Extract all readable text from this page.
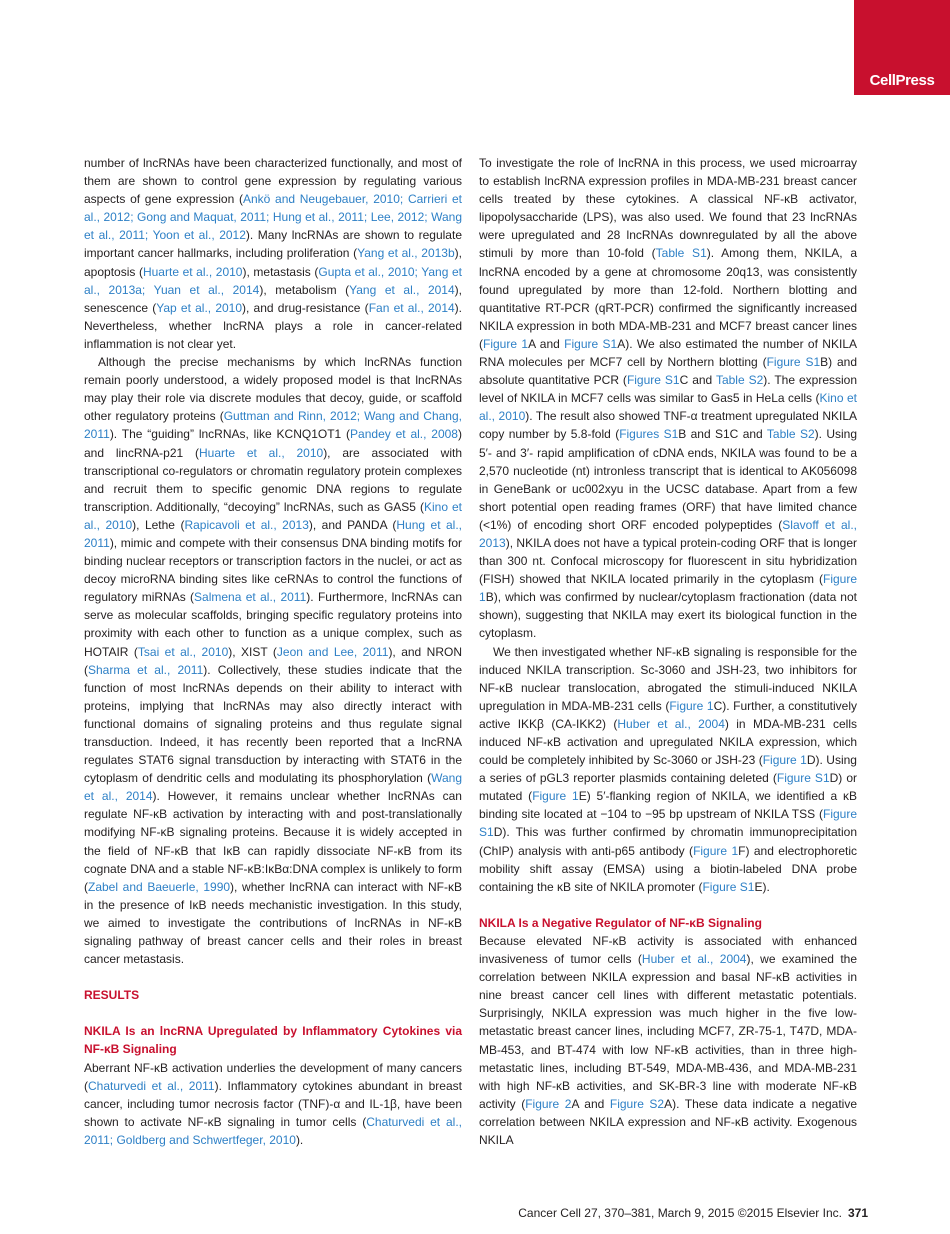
CellPress

number of lncRNAs have been characterized functionally, and most of them are shown to control gene expression by regulating various aspects of gene expression (Ankö and Neugebauer, 2010; Carrieri et al., 2012; Gong and Maquat, 2011; Hung et al., 2011; Lee, 2012; Wang et al., 2011; Yoon et al., 2012). Many lncRNAs are shown to regulate important cancer hallmarks, including proliferation (Yang et al., 2013b), apoptosis (Huarte et al., 2010), metastasis (Gupta et al., 2010; Yang et al., 2013a; Yuan et al., 2014), metabolism (Yang et al., 2014), senescence (Yap et al., 2010), and drug-resistance (Fan et al., 2014). Nevertheless, whether lncRNA plays a role in cancer-related inflammation is not clear yet.

Although the precise mechanisms by which lncRNAs function remain poorly understood, a widely proposed model is that lncRNAs may play their role via discrete modules that decoy, guide, or scaffold other regulatory proteins (Guttman and Rinn, 2012; Wang and Chang, 2011). The “guiding” lncRNAs, like KCNQ1OT1 (Pandey et al., 2008) and lincRNA-p21 (Huarte et al., 2010), are associated with transcriptional co-regulators or chromatin regulatory protein complexes and recruit them to specific genomic DNA regions to regulate transcription. Additionally, “decoying” lncRNAs, such as GAS5 (Kino et al., 2010), Lethe (Rapicavoli et al., 2013), and PANDA (Hung et al., 2011), mimic and compete with their consensus DNA binding motifs for binding nuclear receptors or transcription factors in the nuclei, or act as decoy microRNA binding sites like ceRNAs to control the functions of regulatory miRNAs (Salmena et al., 2011). Furthermore, lncRNAs can serve as molecular scaffolds, bringing specific regulatory proteins into proximity with each other to function as a unique complex, such as HOTAIR (Tsai et al., 2010), XIST (Jeon and Lee, 2011), and NRON (Sharma et al., 2011). Collectively, these studies indicate that the function of most lncRNAs depends on their ability to interact with proteins, implying that lncRNAs may also directly interact with functional domains of signaling proteins and thus regulate signal transduction. Indeed, it has recently been reported that a lncRNA regulates STAT6 signal transduction by interacting with STAT6 in the cytoplasm of dendritic cells and modulating its phosphorylation (Wang et al., 2014). However, it remains unclear whether lncRNAs can regulate NF-κB activation by interacting with and post-translationally modifying NF-κB signaling proteins. Because it is widely accepted in the field of NF-κB that IκB can rapidly dissociate NF-κB from its cognate DNA and a stable NF-κB:IκBα:DNA complex is unlikely to form (Zabel and Baeuerle, 1990), whether lncRNA can interact with NF-κB in the presence of IκB needs mechanistic investigation. In this study, we aimed to investigate the contributions of lncRNAs in NF-κB signaling pathway of breast cancer cells and their roles in breast cancer metastasis.

RESULTS
NKILA Is an lncRNA Upregulated by Inflammatory Cytokines via NF-κB Signaling

Aberrant NF-κB activation underlies the development of many cancers (Chaturvedi et al., 2011). Inflammatory cytokines abundant in breast cancer, including tumor necrosis factor (TNF)-α and IL-1β, have been shown to activate NF-κB signaling in tumor cells (Chaturvedi et al., 2011; Goldberg and Schwertfeger, 2010).

To investigate the role of lncRNA in this process, we used microarray to establish lncRNA expression profiles in MDA-MB-231 breast cancer cells treated by these cytokines. A classical NF-κB activator, lipopolysaccharide (LPS), was also used. We found that 23 lncRNAs were upregulated and 28 lncRNAs downregulated by all the above stimuli by more than 10-fold (Table S1). Among them, NKILA, a lncRNA encoded by a gene at chromosome 20q13, was consistently found upregulated by more than 12-fold. Northern blotting and quantitative RT-PCR (qRT-PCR) confirmed the significantly increased NKILA expression in both MDA-MB-231 and MCF7 breast cancer lines (Figure 1A and Figure S1A). We also estimated the number of NKILA RNA molecules per MCF7 cell by Northern blotting (Figure S1B) and absolute quantitative PCR (Figure S1C and Table S2). The expression level of NKILA in MCF7 cells was similar to Gas5 in HeLa cells (Kino et al., 2010). The result also showed TNF-α treatment upregulated NKILA copy number by 5.8-fold (Figures S1B and S1C and Table S2). Using 5′- and 3′- rapid amplification of cDNA ends, NKILA was found to be a 2,570 nucleotide (nt) intronless transcript that is identical to AK056098 in GeneBank or uc002xyu in the UCSC database. Apart from a few short potential open reading frames (ORF) that have limited chance (<1%) of encoding short ORF encoded polypeptides (Slavoff et al., 2013), NKILA does not have a typical protein-coding ORF that is longer than 300 nt. Confocal microscopy for fluorescent in situ hybridization (FISH) showed that NKILA located primarily in the cytoplasm (Figure 1B), which was confirmed by nuclear/cytoplasm fractionation (data not shown), suggesting that NKILA may exert its biological function in the cytoplasm.

We then investigated whether NF-κB signaling is responsible for the induced NKILA transcription. Sc-3060 and JSH-23, two inhibitors for NF-κB nuclear translocation, abrogated the stimuli-induced NKILA upregulation in MDA-MB-231 cells (Figure 1C). Further, a constitutively active IKKβ (CA-IKK2) (Huber et al., 2004) in MDA-MB-231 cells induced NF-κB activation and upregulated NKILA expression, which could be completely inhibited by Sc-3060 or JSH-23 (Figure 1D). Using a series of pGL3 reporter plasmids containing deleted (Figure S1D) or mutated (Figure 1E) 5′-flanking region of NKILA, we identified a κB binding site located at −104 to −95 bp upstream of NKILA TSS (Figure S1D). This was further confirmed by chromatin immunoprecipitation (ChIP) analysis with anti-p65 antibody (Figure 1F) and electrophoretic mobility shift assay (EMSA) using a biotin-labeled DNA probe containing the κB site of NKILA promoter (Figure S1E).

NKILA Is a Negative Regulator of NF-κB Signaling

Because elevated NF-κB activity is associated with enhanced invasiveness of tumor cells (Huber et al., 2004), we examined the correlation between NKILA expression and basal NF-κB activities in nine breast cancer cell lines with different metastatic potentials. Surprisingly, NKILA expression was much higher in the five low-metastatic breast cancer lines, including MCF7, ZR-75-1, T47D, MDA-MB-453, and BT-474 with low NF-κB activities, than in three high-metastatic lines, including BT-549, MDA-MB-436, and MDA-MB-231 with high NF-κB activities, and SK-BR-3 line with moderate NF-κB activity (Figure 2A and Figure S2A). These data indicate a negative correlation between NKILA expression and NF-κB activity. Exogenous NKILA

Cancer Cell 27, 370–381, March 9, 2015 ©2015 Elsevier Inc. 371
